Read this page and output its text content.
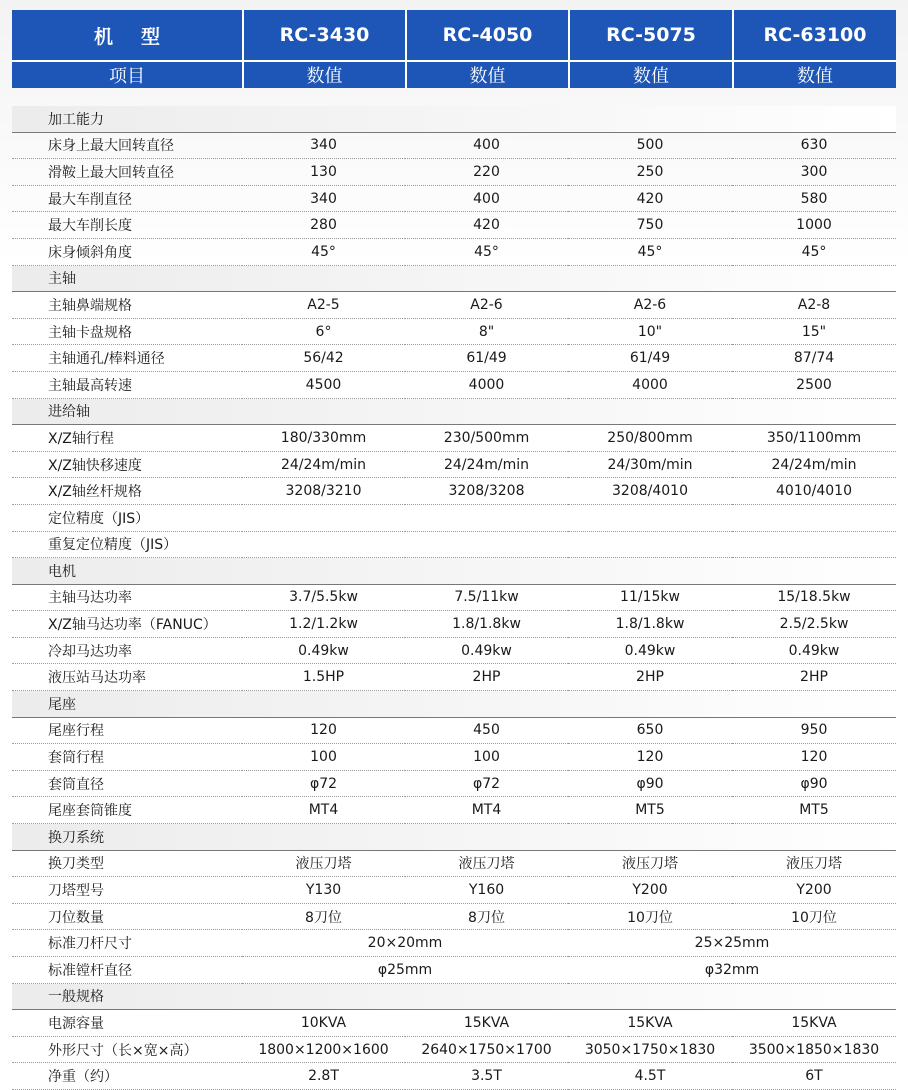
机型	RC-3430	RC-4050	RC-5075	RC-63100
项目	数值	数值	数值	数值

加工能力				
床身上最大回转直径	340	400	500	630
滑鞍上最大回转直径	130	220	250	300
最大车削直径	340	400	420	580
最大车削长度	280	420	750	1000
床身倾斜角度	45°	45°	45°	45°
主轴				
主轴鼻端规格	A2-5	A2-6	A2-6	A2-8
主轴卡盘规格	6°	8"	10"	15"
主轴通孔/棒料通径	56/42	61/49	61/49	87/74
主轴最高转速	4500	4000	4000	2500
进给轴				
X/Z轴行程	180/330mm	230/500mm	250/800mm	350/1100mm
X/Z轴快移速度	24/24m/min	24/24m/min	24/30m/min	24/24m/min
X/Z轴丝杆规格	3208/3210	3208/3208	3208/4010	4010/4010
定位精度（JIS）				
重复定位精度（JIS）				
电机				
主轴马达功率	3.7/5.5kw	7.5/11kw	11/15kw	15/18.5kw
X/Z轴马达功率（FANUC）	1.2/1.2kw	1.8/1.8kw	1.8/1.8kw	2.5/2.5kw
冷却马达功率	0.49kw	0.49kw	0.49kw	0.49kw
液压站马达功率	1.5HP	2HP	2HP	2HP
尾座				
尾座行程	120	450	650	950
套筒行程	100	100	120	120
套筒直径	φ72	φ72	φ90	φ90
尾座套筒锥度	MT4	MT4	MT5	MT5
换刀系统				
换刀类型	液压刀塔	液压刀塔	液压刀塔	液压刀塔
刀塔型号	Y130	Y160	Y200	Y200
刀位数量	8刀位	8刀位	10刀位	10刀位
标准刀杆尺寸	20×20mm		25×25mm	
标准镗杆直径	φ25mm		φ32mm	
一般规格				
电源容量	10KVA	15KVA	15KVA	15KVA
外形尺寸（长×宽×高）	1800×1200×1600	2640×1750×1700	3050×1750×1830	3500×1850×1830
净重（约）	2.8T	3.5T	4.5T	6T
